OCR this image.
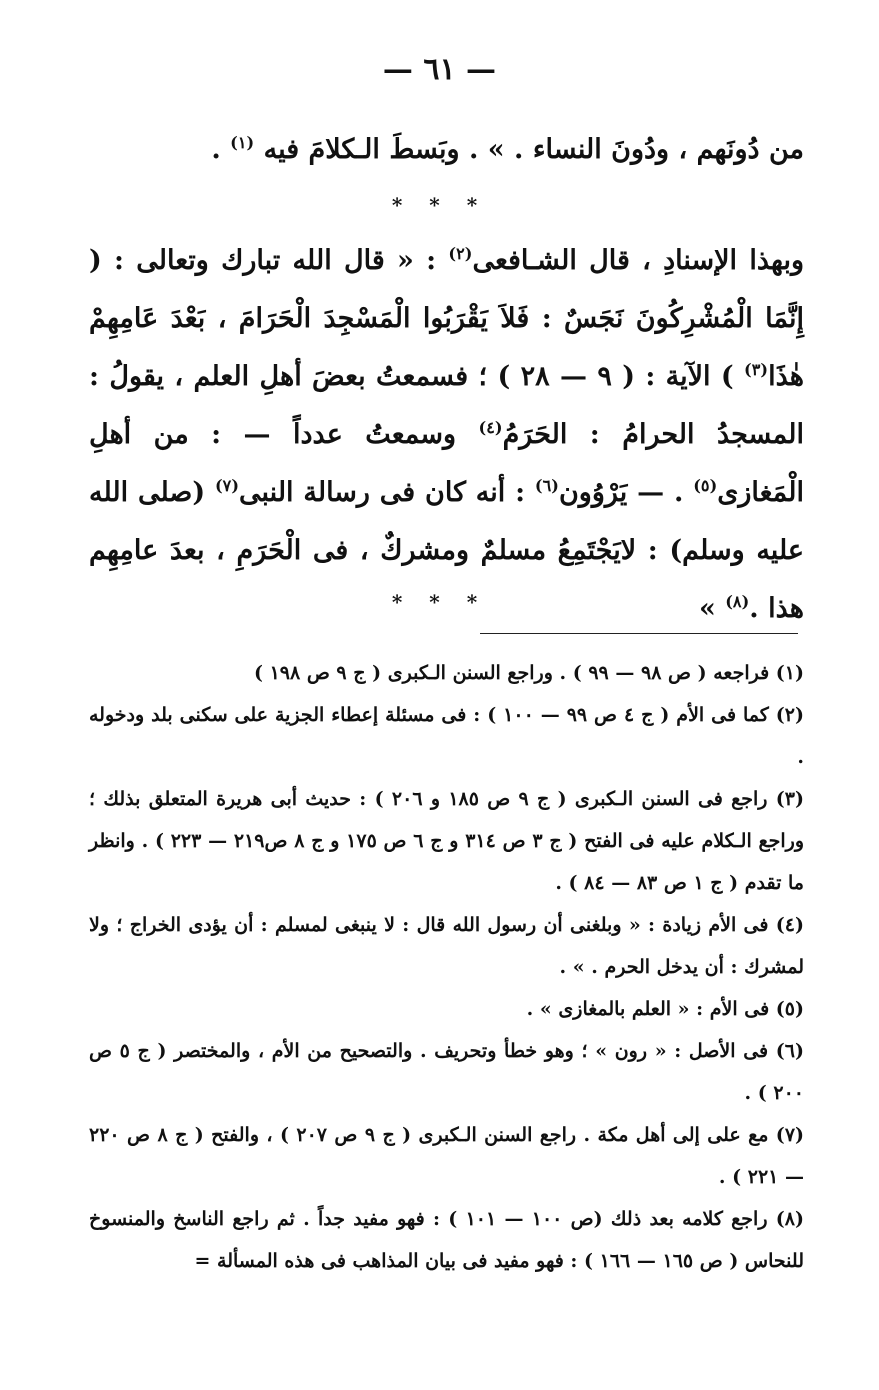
— ٦١ —
من دُونَهم ، ودُونَ النساء . » . وبَسطَ الـكلامَ فيه $^{(١)}$ .
* * *
وبهذا الإسنادِ ، قال الشـافعى$^{(٢)}$ : « قال الله تبارك وتعالى : ( إِنَّمَا الْمُشْرِكُونَ نَجَسٌ : فَلاَ يَقْرَبُوا الْمَسْجِدَ الْحَرَامَ ، بَعْدَ عَامِهِمْ هٰذَا$^{(٣)}$ ) الآية : ( ٩ — ٢٨ ) ؛ فسمعتُ بعضَ أهلِ العلم ، يقولُ : المسجدُ الحرامُ : الحَرَمُ$^{(٤)}$ وسمعتُ عدداً — : من أهلِ الْمَغازى$^{(٥)}$ . — يَرْوُون$^{(٦)}$ : أنه كان فى رسالة النبى$^{(٧)}$ (صلى الله عليه وسلم) : لايَجْتَمِعُ مسلمٌ ومشركٌ ، فى الْحَرَمِ ، بعدَ عامِهِم هذا .$^{(٨)}$ »
* * *

(١) فراجعه ( ص ٩٨ — ٩٩ ) . وراجع السنن الـكبرى ( ج ٩ ص ١٩٨ )

(٢) كما فى الأم ( ج ٤ ص ٩٩ — ١٠٠ ) : فى مسئلة إعطاء الجزية على سكنى بلد ودخوله .

(٣) راجع فى السنن الـكبرى ( ج ٩ ص ١٨٥ و ٢٠٦ ) : حديث أبى هريرة المتعلق بذلك ؛ وراجع الـكلام عليه فى الفتح ( ج ٣ ص ٣١٤ و ج ٦ ص ١٧٥ و ج ٨ ص٢١٩ — ٢٢٣ ) . وانظر ما تقدم ( ج ١ ص ٨٣ — ٨٤ ) .

(٤) فى الأم زيادة : « وبلغنى أن رسول الله قال : لا ينبغى لمسلم : أن يؤدى الخراج ؛ ولا لمشرك : أن يدخل الحرم . » .

(٥) فى الأم : « العلم بالمغازى » .

(٦) فى الأصل : « رون » ؛ وهو خطأ وتحريف . والتصحيح من الأم ، والمختصر ( ج ٥ ص ٢٠٠ ) .

(٧) مع على إلى أهل مكة . راجع السنن الـكبرى ( ج ٩ ص ٢٠٧ ) ، والفتح ( ج ٨ ص ٢٢٠ — ٢٢١ ) .

(٨) راجع كلامه بعد ذلك (ص ١٠٠ — ١٠١ ) : فهو مفيد جداً . ثم راجع الناسخ والمنسوخ للنحاس ( ص ١٦٥ — ١٦٦ ) : فهو مفيد فى بيان المذاهب فى هذه المسألة =
